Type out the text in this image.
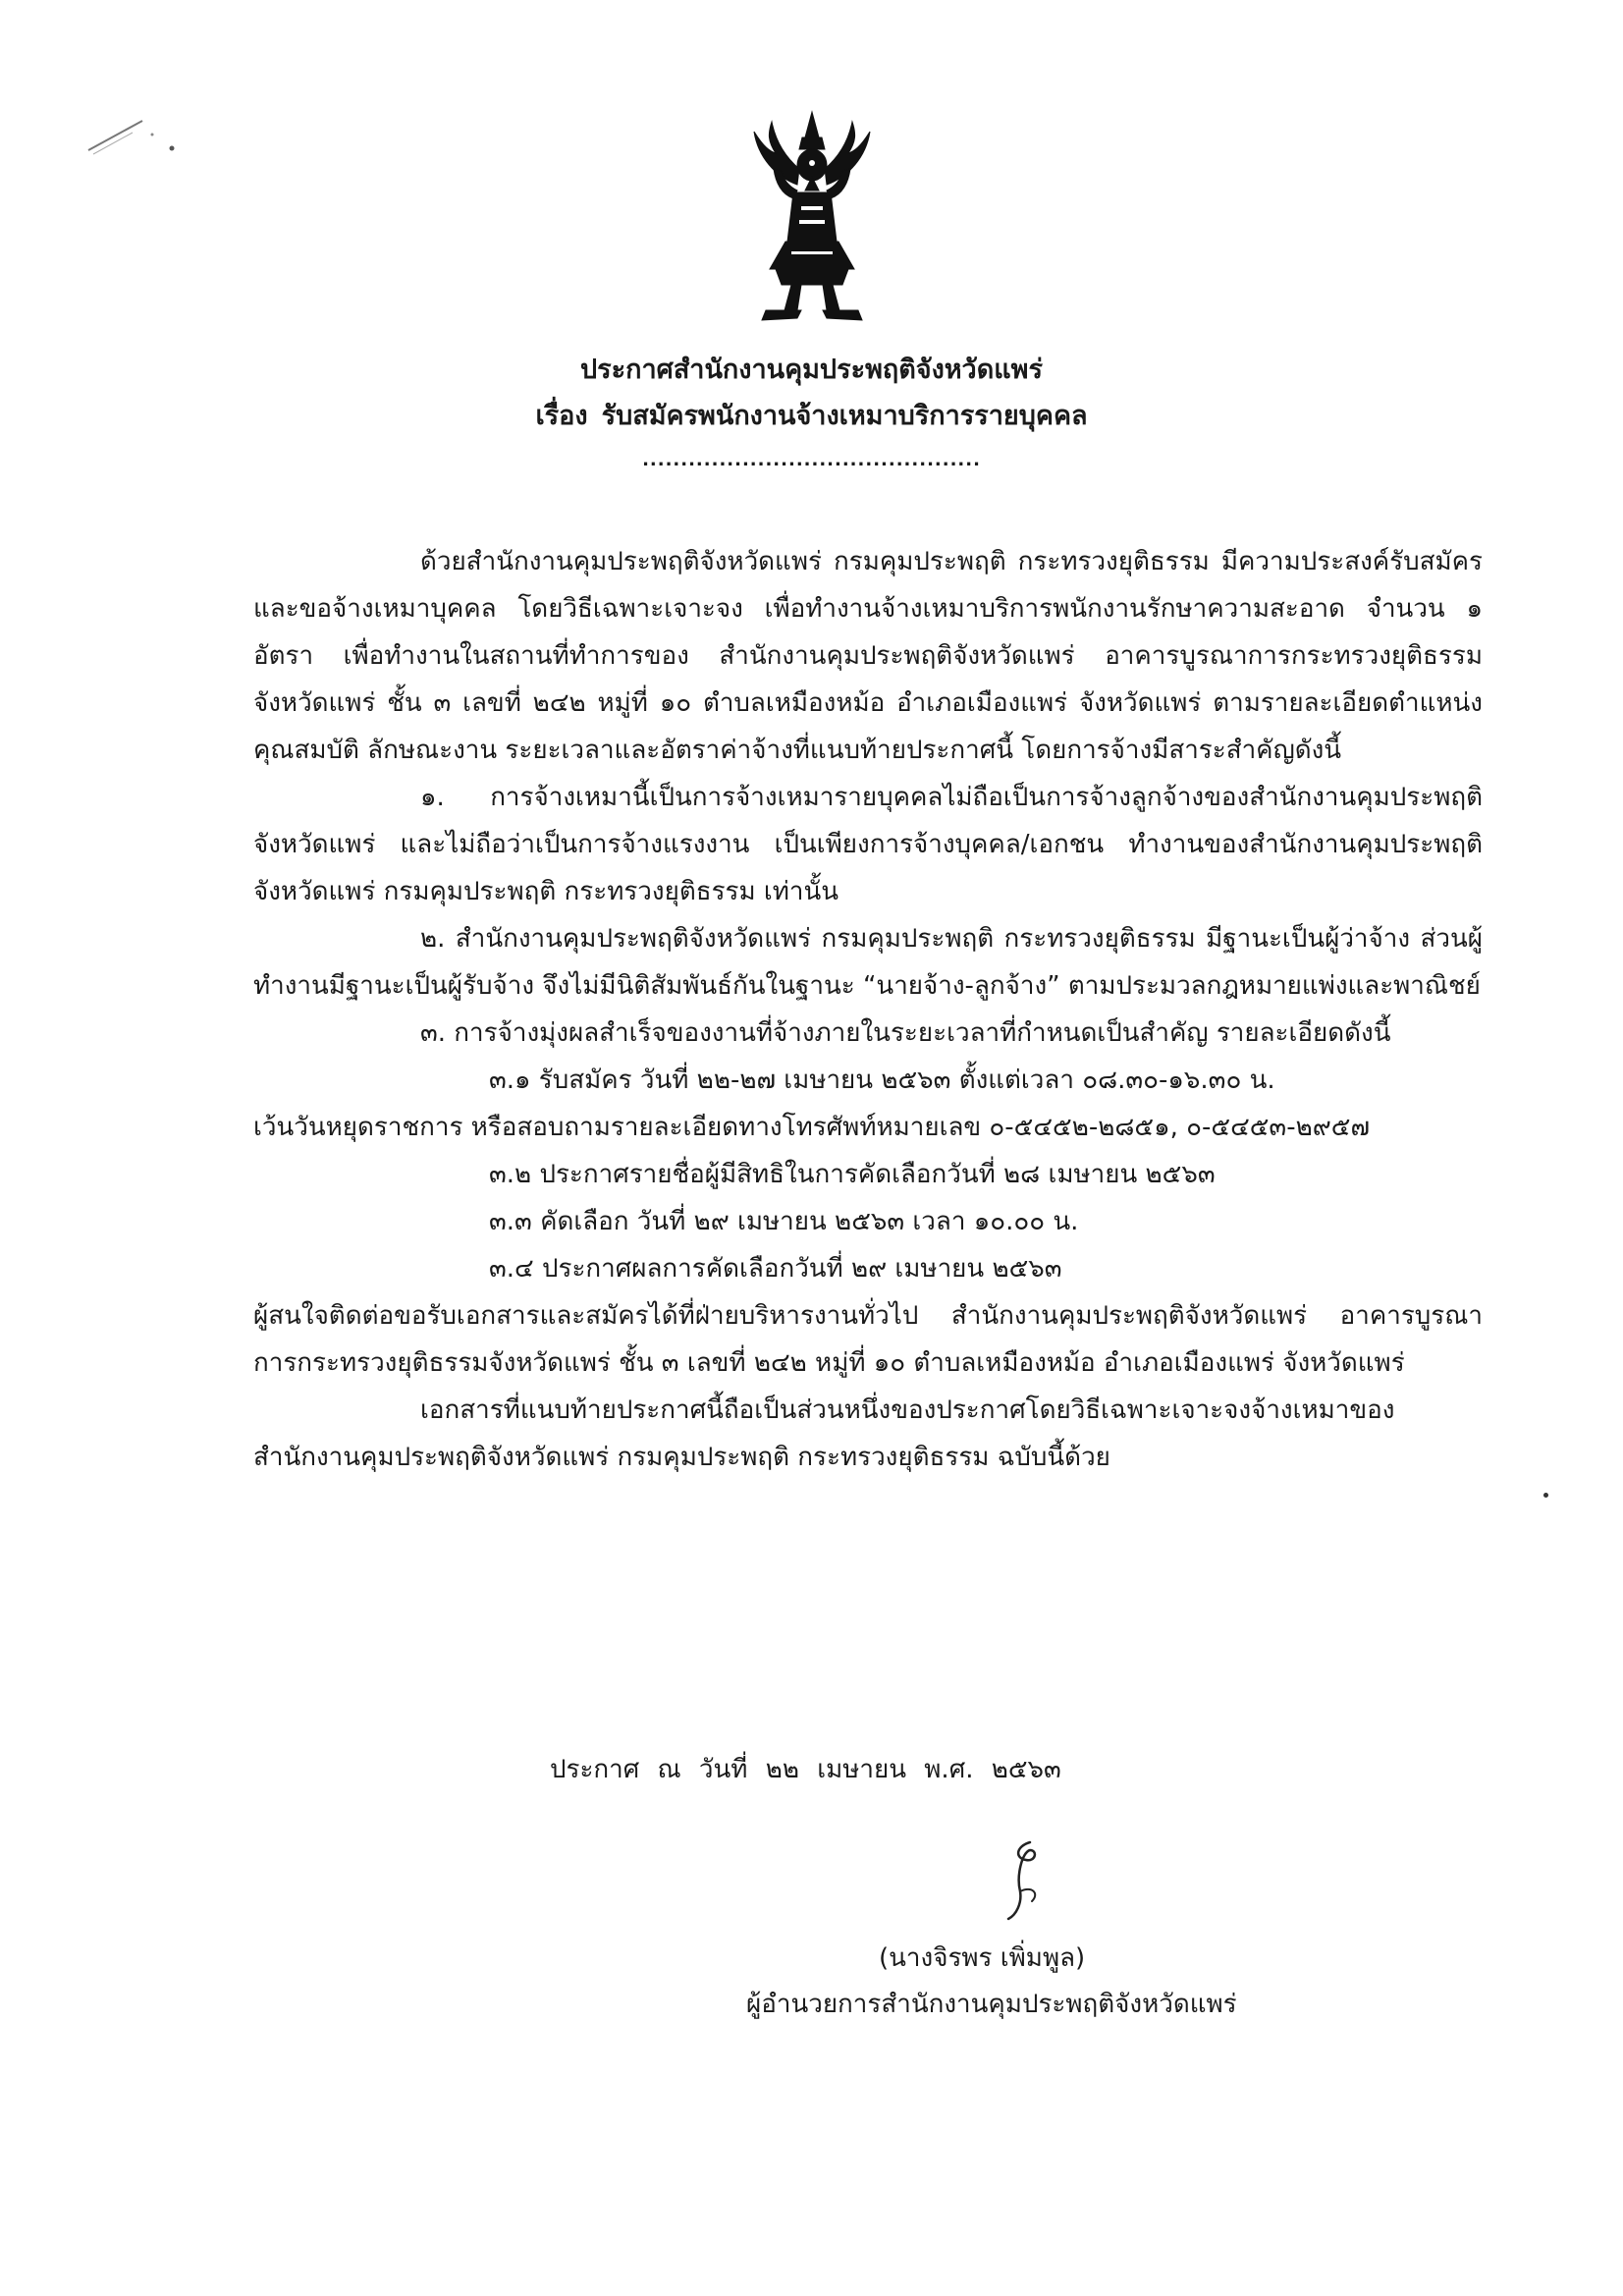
ประกาศสำนักงานคุมประพฤติจังหวัดแพร่
เรื่อง รับสมัครพนักงานจ้างเหมาบริการรายบุคคล
............................................

ด้วยสำนักงานคุมประพฤติจังหวัดแพร่ กรมคุมประพฤติ กระทรวงยุติธรรม มีความประสงค์รับสมัครและขอจ้างเหมาบุคคล โดยวิธีเฉพาะเจาะจง เพื่อทำงานจ้างเหมาบริการพนักงานรักษาความสะอาด จำนวน ๑ อัตรา เพื่อทำงานในสถานที่ทำการของ สำนักงานคุมประพฤติจังหวัดแพร่ อาคารบูรณาการกระทรวงยุติธรรมจังหวัดแพร่ ชั้น ๓ เลขที่ ๒๔๒ หมู่ที่ ๑๐ ตำบลเหมืองหม้อ อำเภอเมืองแพร่ จังหวัดแพร่ ตามรายละเอียดตำแหน่ง คุณสมบัติ ลักษณะงาน ระยะเวลาและอัตราค่าจ้างที่แนบท้ายประกาศนี้ โดยการจ้างมีสาระสำคัญดังนี้

๑. การจ้างเหมานี้เป็นการจ้างเหมารายบุคคลไม่ถือเป็นการจ้างลูกจ้างของสำนักงานคุมประพฤติจังหวัดแพร่ และไม่ถือว่าเป็นการจ้างแรงงาน เป็นเพียงการจ้างบุคคล/เอกชน ทำงานของสำนักงานคุมประพฤติจังหวัดแพร่ กรมคุมประพฤติ กระทรวงยุติธรรม เท่านั้น

๒. สำนักงานคุมประพฤติจังหวัดแพร่ กรมคุมประพฤติ กระทรวงยุติธรรม มีฐานะเป็นผู้ว่าจ้าง ส่วนผู้ทำงานมีฐานะเป็นผู้รับจ้าง จึงไม่มีนิติสัมพันธ์กันในฐานะ “นายจ้าง-ลูกจ้าง” ตามประมวลกฎหมายแพ่งและพาณิชย์

๓. การจ้างมุ่งผลสำเร็จของงานที่จ้างภายในระยะเวลาที่กำหนดเป็นสำคัญ รายละเอียดดังนี้

๓.๑ รับสมัคร วันที่ ๒๒-๒๗ เมษายน ๒๕๖๓ ตั้งแต่เวลา ๐๘.๓๐-๑๖.๓๐ น.

เว้นวันหยุดราชการ หรือสอบถามรายละเอียดทางโทรศัพท์หมายเลข ๐-๕๔๕๒-๒๘๕๑, ๐-๕๔๕๓-๒๙๕๗

๓.๒ ประกาศรายชื่อผู้มีสิทธิในการคัดเลือกวันที่ ๒๘ เมษายน ๒๕๖๓

๓.๓ คัดเลือก วันที่ ๒๙ เมษายน ๒๕๖๓ เวลา ๑๐.๐๐ น.

๓.๔ ประกาศผลการคัดเลือกวันที่ ๒๙ เมษายน ๒๕๖๓

ผู้สนใจติดต่อขอรับเอกสารและสมัครได้ที่ฝ่ายบริหารงานทั่วไป สำนักงานคุมประพฤติจังหวัดแพร่ อาคารบูรณาการกระทรวงยุติธรรมจังหวัดแพร่ ชั้น ๓ เลขที่ ๒๔๒ หมู่ที่ ๑๐ ตำบลเหมืองหม้อ อำเภอเมืองแพร่ จังหวัดแพร่

เอกสารที่แนบท้ายประกาศนี้ถือเป็นส่วนหนึ่งของประกาศโดยวิธีเฉพาะเจาะจงจ้างเหมาของสำนักงานคุมประพฤติจังหวัดแพร่ กรมคุมประพฤติ กระทรวงยุติธรรม ฉบับนี้ด้วย

ประกาศ ณ วันที่ ๒๒ เมษายน พ.ศ. ๒๕๖๓
(นางจิรพร เพิ่มพูล)
ผู้อำนวยการสำนักงานคุมประพฤติจังหวัดแพร่
